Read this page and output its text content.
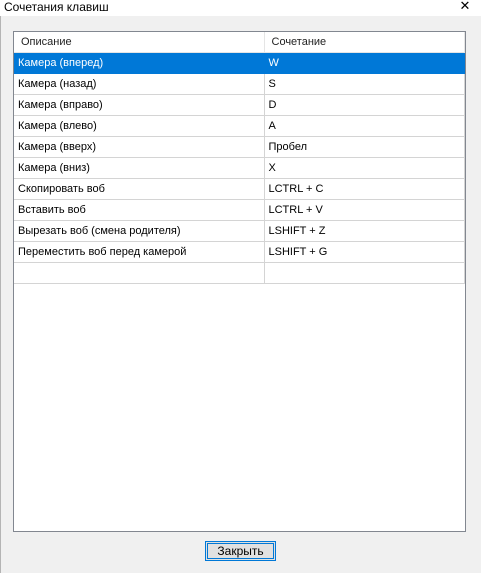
Сочетания клавиш	✕
Описание	Сочетание
Камера (вперед)	W
Камера (назад)	S
Камера (вправо)	D
Камера (влево)	A
Камера (вверх)	Пробел
Камера (вниз)	X
Скопировать воб	LCTRL + C
Вставить воб	LCTRL + V
Вырезать воб (смена родителя)	LSHIFT + Z
Переместить воб перед камерой	LSHIFT + G

Закрыть
